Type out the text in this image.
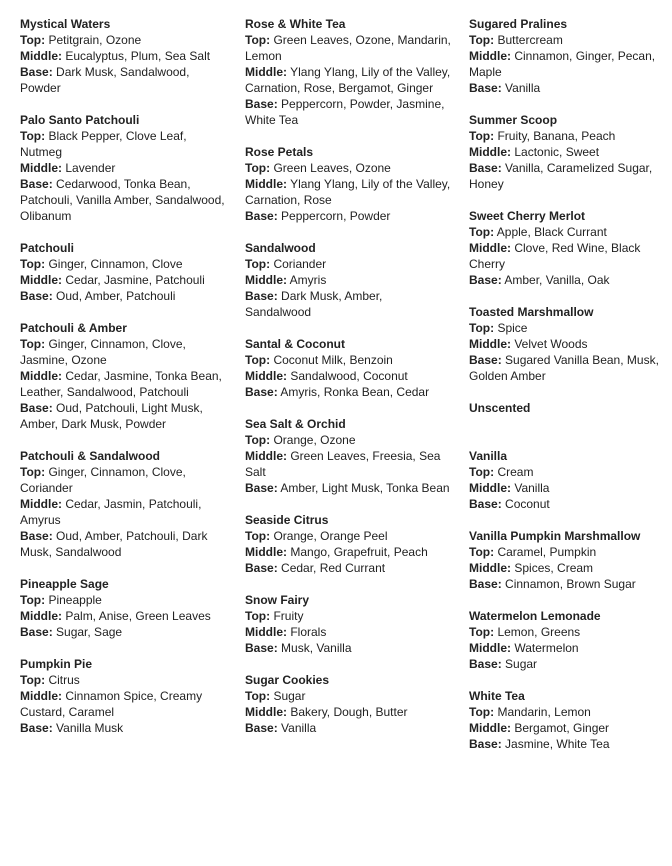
Mystical Waters
Top: Petitgrain, Ozone
Middle: Eucalyptus, Plum, Sea Salt
Base: Dark Musk, Sandalwood, Powder
Palo Santo Patchouli
Top: Black Pepper, Clove Leaf, Nutmeg
Middle: Lavender
Base: Cedarwood, Tonka Bean, Patchouli, Vanilla Amber, Sandalwood, Olibanum
Patchouli
Top: Ginger, Cinnamon, Clove
Middle: Cedar, Jasmine, Patchouli
Base: Oud, Amber, Patchouli
Patchouli & Amber
Top: Ginger, Cinnamon, Clove, Jasmine, Ozone
Middle: Cedar, Jasmine, Tonka Bean, Leather, Sandalwood, Patchouli
Base: Oud, Patchouli, Light Musk, Amber, Dark Musk, Powder
Patchouli & Sandalwood
Top: Ginger, Cinnamon, Clove, Coriander
Middle: Cedar, Jasmin, Patchouli, Amyrus
Base: Oud, Amber, Patchouli, Dark Musk, Sandalwood
Pineapple Sage
Top: Pineapple
Middle: Palm, Anise, Green Leaves
Base: Sugar, Sage
Pumpkin Pie
Top: Citrus
Middle: Cinnamon Spice, Creamy Custard, Caramel
Base: Vanilla Musk
Rose & White Tea
Top: Green Leaves, Ozone, Mandarin, Lemon
Middle: Ylang Ylang, Lily of the Valley, Carnation, Rose, Bergamot, Ginger
Base: Peppercorn, Powder, Jasmine, White Tea
Rose Petals
Top: Green Leaves, Ozone
Middle: Ylang Ylang, Lily of the Valley, Carnation, Rose
Base: Peppercorn, Powder
Sandalwood
Top: Coriander
Middle: Amyris
Base: Dark Musk, Amber, Sandalwood
Santal & Coconut
Top: Coconut Milk, Benzoin
Middle: Sandalwood, Coconut
Base: Amyris, Ronka Bean, Cedar
Sea Salt & Orchid
Top: Orange, Ozone
Middle: Green Leaves, Freesia, Sea Salt
Base: Amber, Light Musk, Tonka Bean
Seaside Citrus
Top: Orange, Orange Peel
Middle: Mango, Grapefruit, Peach
Base: Cedar, Red Currant
Snow Fairy
Top: Fruity
Middle: Florals
Base: Musk, Vanilla
Sugar Cookies
Top: Sugar
Middle: Bakery, Dough, Butter
Base: Vanilla
Sugared Pralines
Top: Buttercream
Middle: Cinnamon, Ginger, Pecan, Maple
Base: Vanilla
Summer Scoop
Top: Fruity, Banana, Peach
Middle: Lactonic, Sweet
Base: Vanilla, Caramelized Sugar, Honey
Sweet Cherry Merlot
Top: Apple, Black Currant
Middle: Clove, Red Wine, Black Cherry
Base: Amber, Vanilla, Oak
Toasted Marshmallow
Top: Spice
Middle: Velvet Woods
Base: Sugared Vanilla Bean, Musk, Golden Amber
Unscented
Vanilla
Top: Cream
Middle: Vanilla
Base: Coconut
Vanilla Pumpkin Marshmallow
Top: Caramel, Pumpkin
Middle: Spices, Cream
Base: Cinnamon, Brown Sugar
Watermelon Lemonade
Top: Lemon, Greens
Middle: Watermelon
Base: Sugar
White Tea
Top: Mandarin, Lemon
Middle: Bergamot, Ginger
Base: Jasmine, White Tea
